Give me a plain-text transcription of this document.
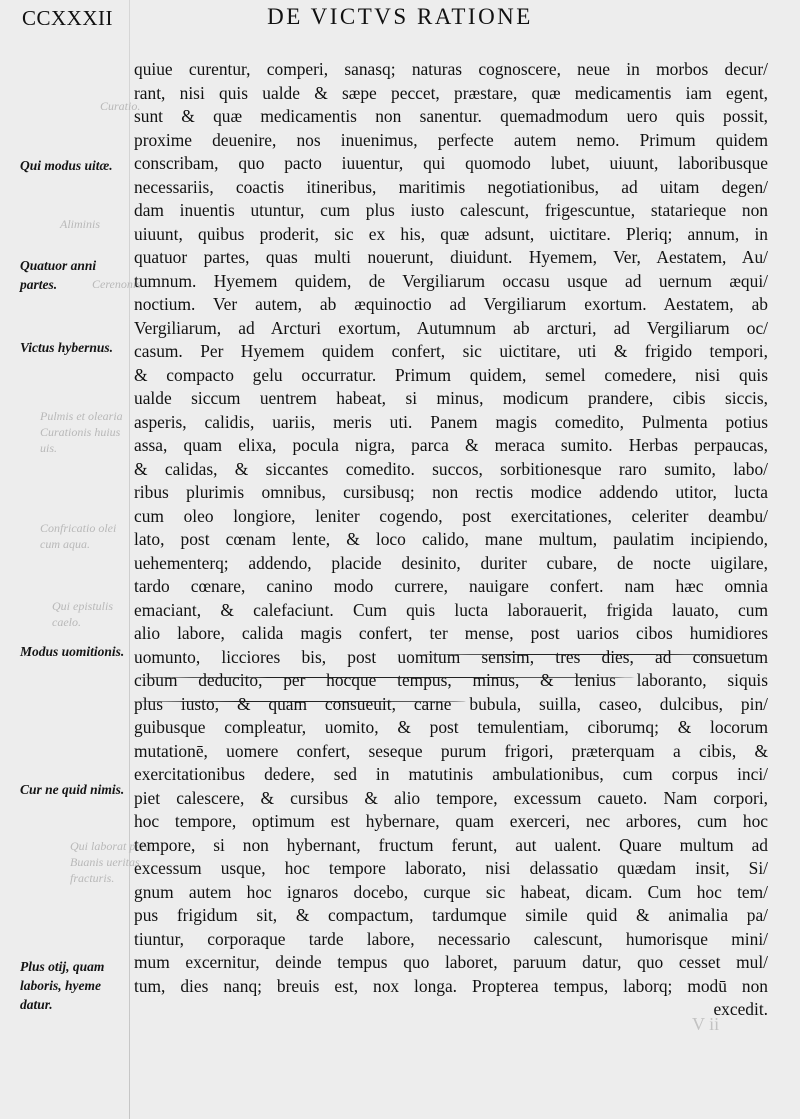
CCXXXII	DE VICTVS RATIONE
Curatio.
Aliminis
Cerenonis
Pulmis et olearia Curationis huius uis.
Confricatio olei cum aqua.
Qui epistulis caelo.
Qui laborat pera. Buanis ueritas fracturis.
V ii
Qui modus uitæ.
Quatuor anni partes.
Victus hybernus.
Modus uomitionis.
Cur ne quid nimis.
Plus otij, quam laboris, hyeme datur.
quiue curentur, comperi, sanasq; naturas cognoscere, neue in morbos decur/
rant, nisi quis ualde & sæpe peccet, præstare, quæ medicamentis iam egent,
sunt & quæ medicamentis non sanentur. quemadmodum uero quis possit,
proxime deuenire, nos inuenimus, perfecte autem nemo. Primum quidem
conscribam, quo pacto iuuentur, qui quomodo lubet, uiuunt, laboribusque
necessariis, coactis itineribus, maritimis negotiationibus, ad uitam degen/
dam inuentis utuntur, cum plus iusto calescunt, frigescuntue, statarieque non
uiuunt, quibus proderit, sic ex his, quæ adsunt, uictitare. Pleriq; annum, in
quatuor partes, quas multi nouerunt, diuidunt. Hyemem, Ver, Aestatem, Au/
tumnum. Hyemem quidem, de Vergiliarum occasu usque ad uernum æqui/
noctium. Ver autem, ab æquinoctio ad Vergiliarum exortum. Aestatem, ab
Vergiliarum, ad Arcturi exortum, Autumnum ab arcturi, ad Vergiliarum oc/
casum. Per Hyemem quidem confert, sic uictitare, uti & frigido tempori,
& compacto gelu occurratur. Primum quidem, semel comedere, nisi quis
ualde siccum uentrem habeat, si minus, modicum prandere, cibis siccis,
asperis, calidis, uariis, meris uti. Panem magis comedito, Pulmenta potius
assa, quam elixa, pocula nigra, parca & meraca sumito. Herbas perpaucas,
& calidas, & siccantes comedito. succos, sorbitionesque raro sumito, labo/
ribus plurimis omnibus, cursibusq; non rectis modice addendo utitor, lucta
cum oleo longiore, leniter cogendo, post exercitationes, celeriter deambu/
lato, post cœnam lente, & loco calido, mane multum, paulatim incipiendo,
uehementerq; addendo, placide desinito, duriter cubare, de nocte uigilare,
tardo cœnare, canino modo currere, nauigare confert. nam hæc omnia
emaciant, & calefaciunt. Cum quis lucta laborauerit, frigida lauato, cum
alio labore, calida magis confert, ter mense, post uarios cibos humidiores
uomunto, licciores bis, post uomitum sensim, tres dies, ad consuetum
cibum deducito, per hocque tempus, minus, & lenius laboranto, siquis
plus iusto, & quam consueuit, carne bubula, suilla, caseo, dulcibus, pin/
guibusque compleatur, uomito, & post temulentiam, ciborumq; & locorum
mutationē, uomere confert, seseque purum frigori, præterquam a cibis, &
exercitationibus dedere, sed in matutinis ambulationibus, cum corpus inci/
piet calescere, & cursibus & alio tempore, excessum caueto. Nam corpori,
hoc tempore, optimum est hybernare, quam exerceri, nec arbores, cum hoc
tempore, si non hybernant, fructum ferunt, aut ualent. Quare multum ad
excessum usque, hoc tempore laborato, nisi delassatio quædam insit, Si/
gnum autem hoc ignaros docebo, curque sic habeat, dicam. Cum hoc tem/
pus frigidum sit, & compactum, tardumque simile quid & animalia pa/
tiuntur, corporaque tarde labore, necessario calescunt, humorisque mini/
mum excernitur, deinde tempus quo laboret, paruum datur, quo cesset mul/
tum, dies nanq; breuis est, nox longa. Propterea tempus, laborq; modū non
excedit.
